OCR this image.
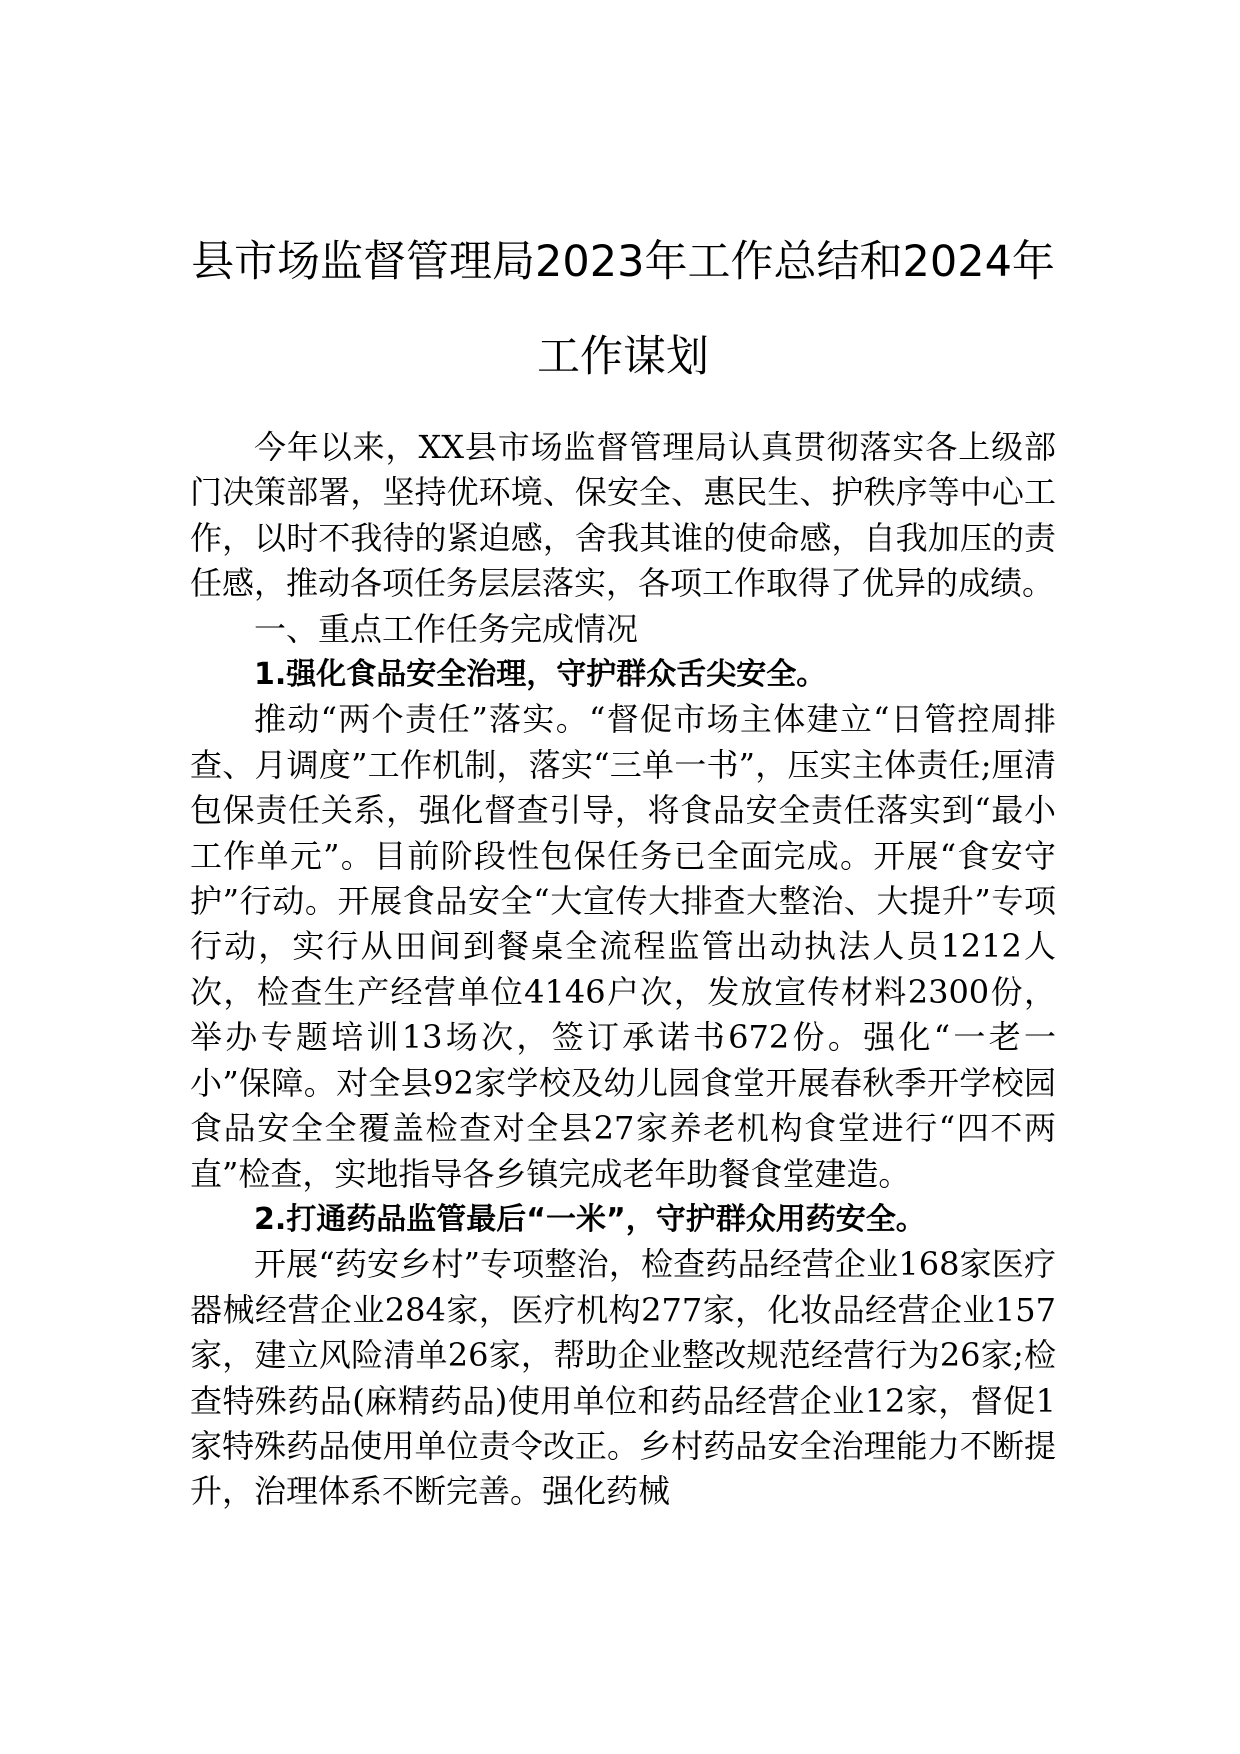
县市场监督管理局2023年工作总结和2024年工作谋划

今年以来，XX县市场监督管理局认真贯彻落实各上级部门决策部署，坚持优环境、保安全、惠民生、护秩序等中心工作，以时不我待的紧迫感，舍我其谁的使命感，自我加压的责任感，推动各项任务层层落实，各项工作取得了优异的成绩。

一、重点工作任务完成情况

1.强化食品安全治理，守护群众舌尖安全。

推动“两个责任”落实。“督促市场主体建立“日管控周排查、月调度”工作机制，落实“三单一书”，压实主体责任;厘清包保责任关系，强化督查引导，将食品安全责任落实到“最小工作单元”。目前阶段性包保任务已全面完成。开展“食安守护”行动。开展食品安全“大宣传大排查大整治、大提升”专项行动，实行从田间到餐桌全流程监管出动执法人员1212人次，检查生产经营单位4146户次，发放宣传材料2300份，举办专题培训13场次，签订承诺书672份。强化“一老一小”保障。对全县92家学校及幼儿园食堂开展春秋季开学校园食品安全全覆盖检查对全县27家养老机构食堂进行“四不两直”检查，实地指导各乡镇完成老年助餐食堂建造。

2.打通药品监管最后“一米”，守护群众用药安全。

开展“药安乡村”专项整治，检查药品经营企业168家医疗器械经营企业284家，医疗机构277家，化妆品经营企业157家，建立风险清单26家，帮助企业整改规范经营行为26家;检查特殊药品(麻精药品)使用单位和药品经营企业12家，督促1家特殊药品使用单位责令改正。乡村药品安全治理能力不断提升，治理体系不断完善。强化药械
